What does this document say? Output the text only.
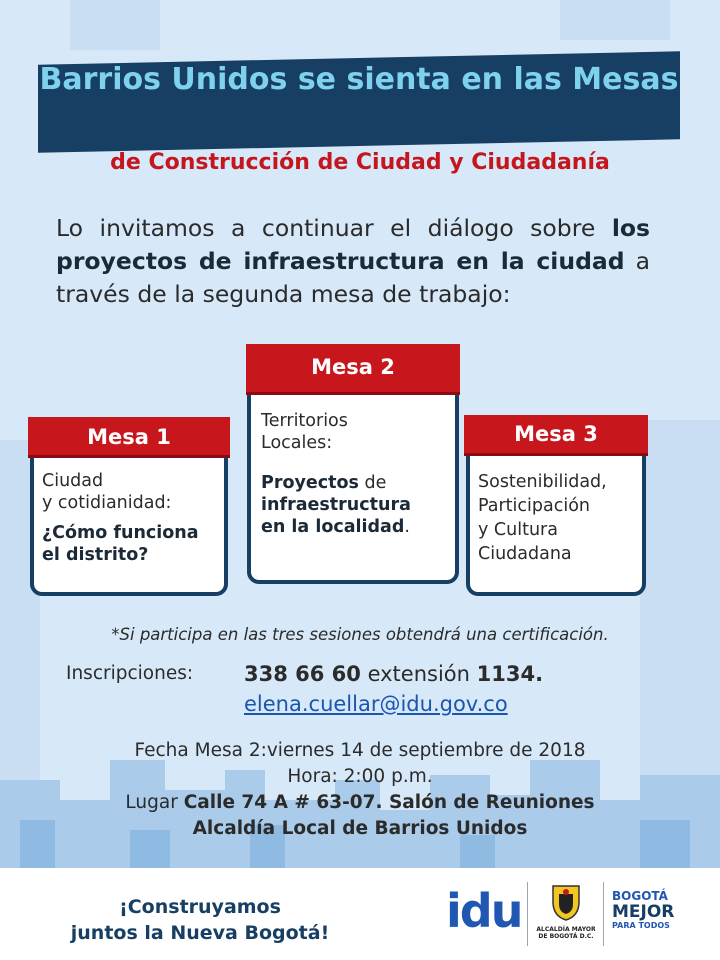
Barrios Unidos se sienta en las Mesas
de Construcción de Ciudad y Ciudadanía
Lo invitamos a continuar el diálogo sobre los proyectos de infraestructura en la ciudad a través de la segunda mesa de trabajo:
Ciudad
y cotidianidad:
¿Cómo funciona
el distrito?
Mesa 1
Territorios
Locales:
Proyectos de
infraestructura
en la localidad.
Mesa 2
Sostenibilidad,
Participación
y Cultura
Ciudadana
Mesa 3
*Si participa en las tres sesiones obtendrá una certificación.
Inscripciones: 338 66 60 extensión 1134.
elena.cuellar@idu.gov.co
Fecha Mesa 2:viernes 14 de septiembre de 2018
Hora: 2:00 p.m.
Lugar Calle 74 A # 63-07. Salón de Reuniones
Alcaldía Local de Barrios Unidos
¡Construyamos
juntos la Nueva Bogotá!	idu ALCALDÍA MAYOR
DE BOGOTÁ D.C.
BOGOTÁ
MEJOR
PARA TODOS
